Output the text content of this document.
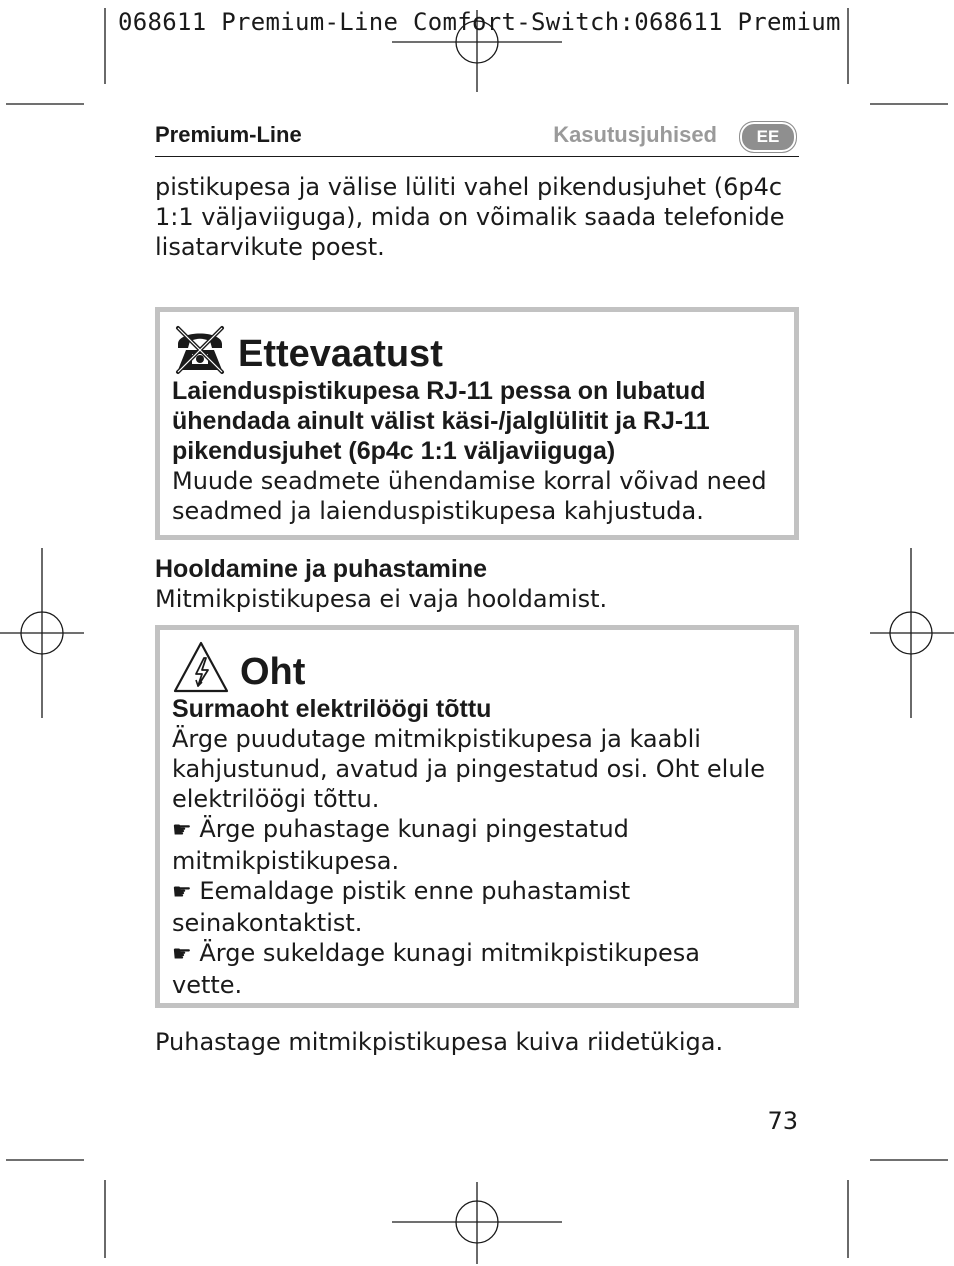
068611 Premium-Line Comfort-Switch:068611 Premium

Premium-Line	Kasutusjuhised	EE

pistikupesa ja välise lüliti vahel pikendusjuhet (6p4c 1:1 väljaviiguga), mida on võimalik saada telefonide lisatarvikute poest.

Ettevaatust

Laienduspistikupesa RJ-11 pessa on lubatud

ühendada ainult välist käsi-/jalglülitit ja RJ-11

pikendusjuhet (6p4c 1:1 väljaviiguga)

Muude seadmete ühendamise korral võivad need seadmed ja laienduspistikupesa kahjustuda.

Hooldamine ja puhastamine

Mitmikpistikupesa ei vaja hooldamist.

Oht

Surmaoht elektrilöögi tõttu

Ärge puudutage mitmikpistikupesa ja kaabli kahjustunud, avatud ja pingestatud osi. Oht elule elektrilöögi tõttu.

☛ Ärge puhastage kunagi pingestatud mitmikpistikupesa.

☛ Eemaldage pistik enne puhastamist seinakontaktist.

☛ Ärge sukeldage kunagi mitmikpistikupesa vette.

Puhastage mitmikpistikupesa kuiva riidetükiga.

73
